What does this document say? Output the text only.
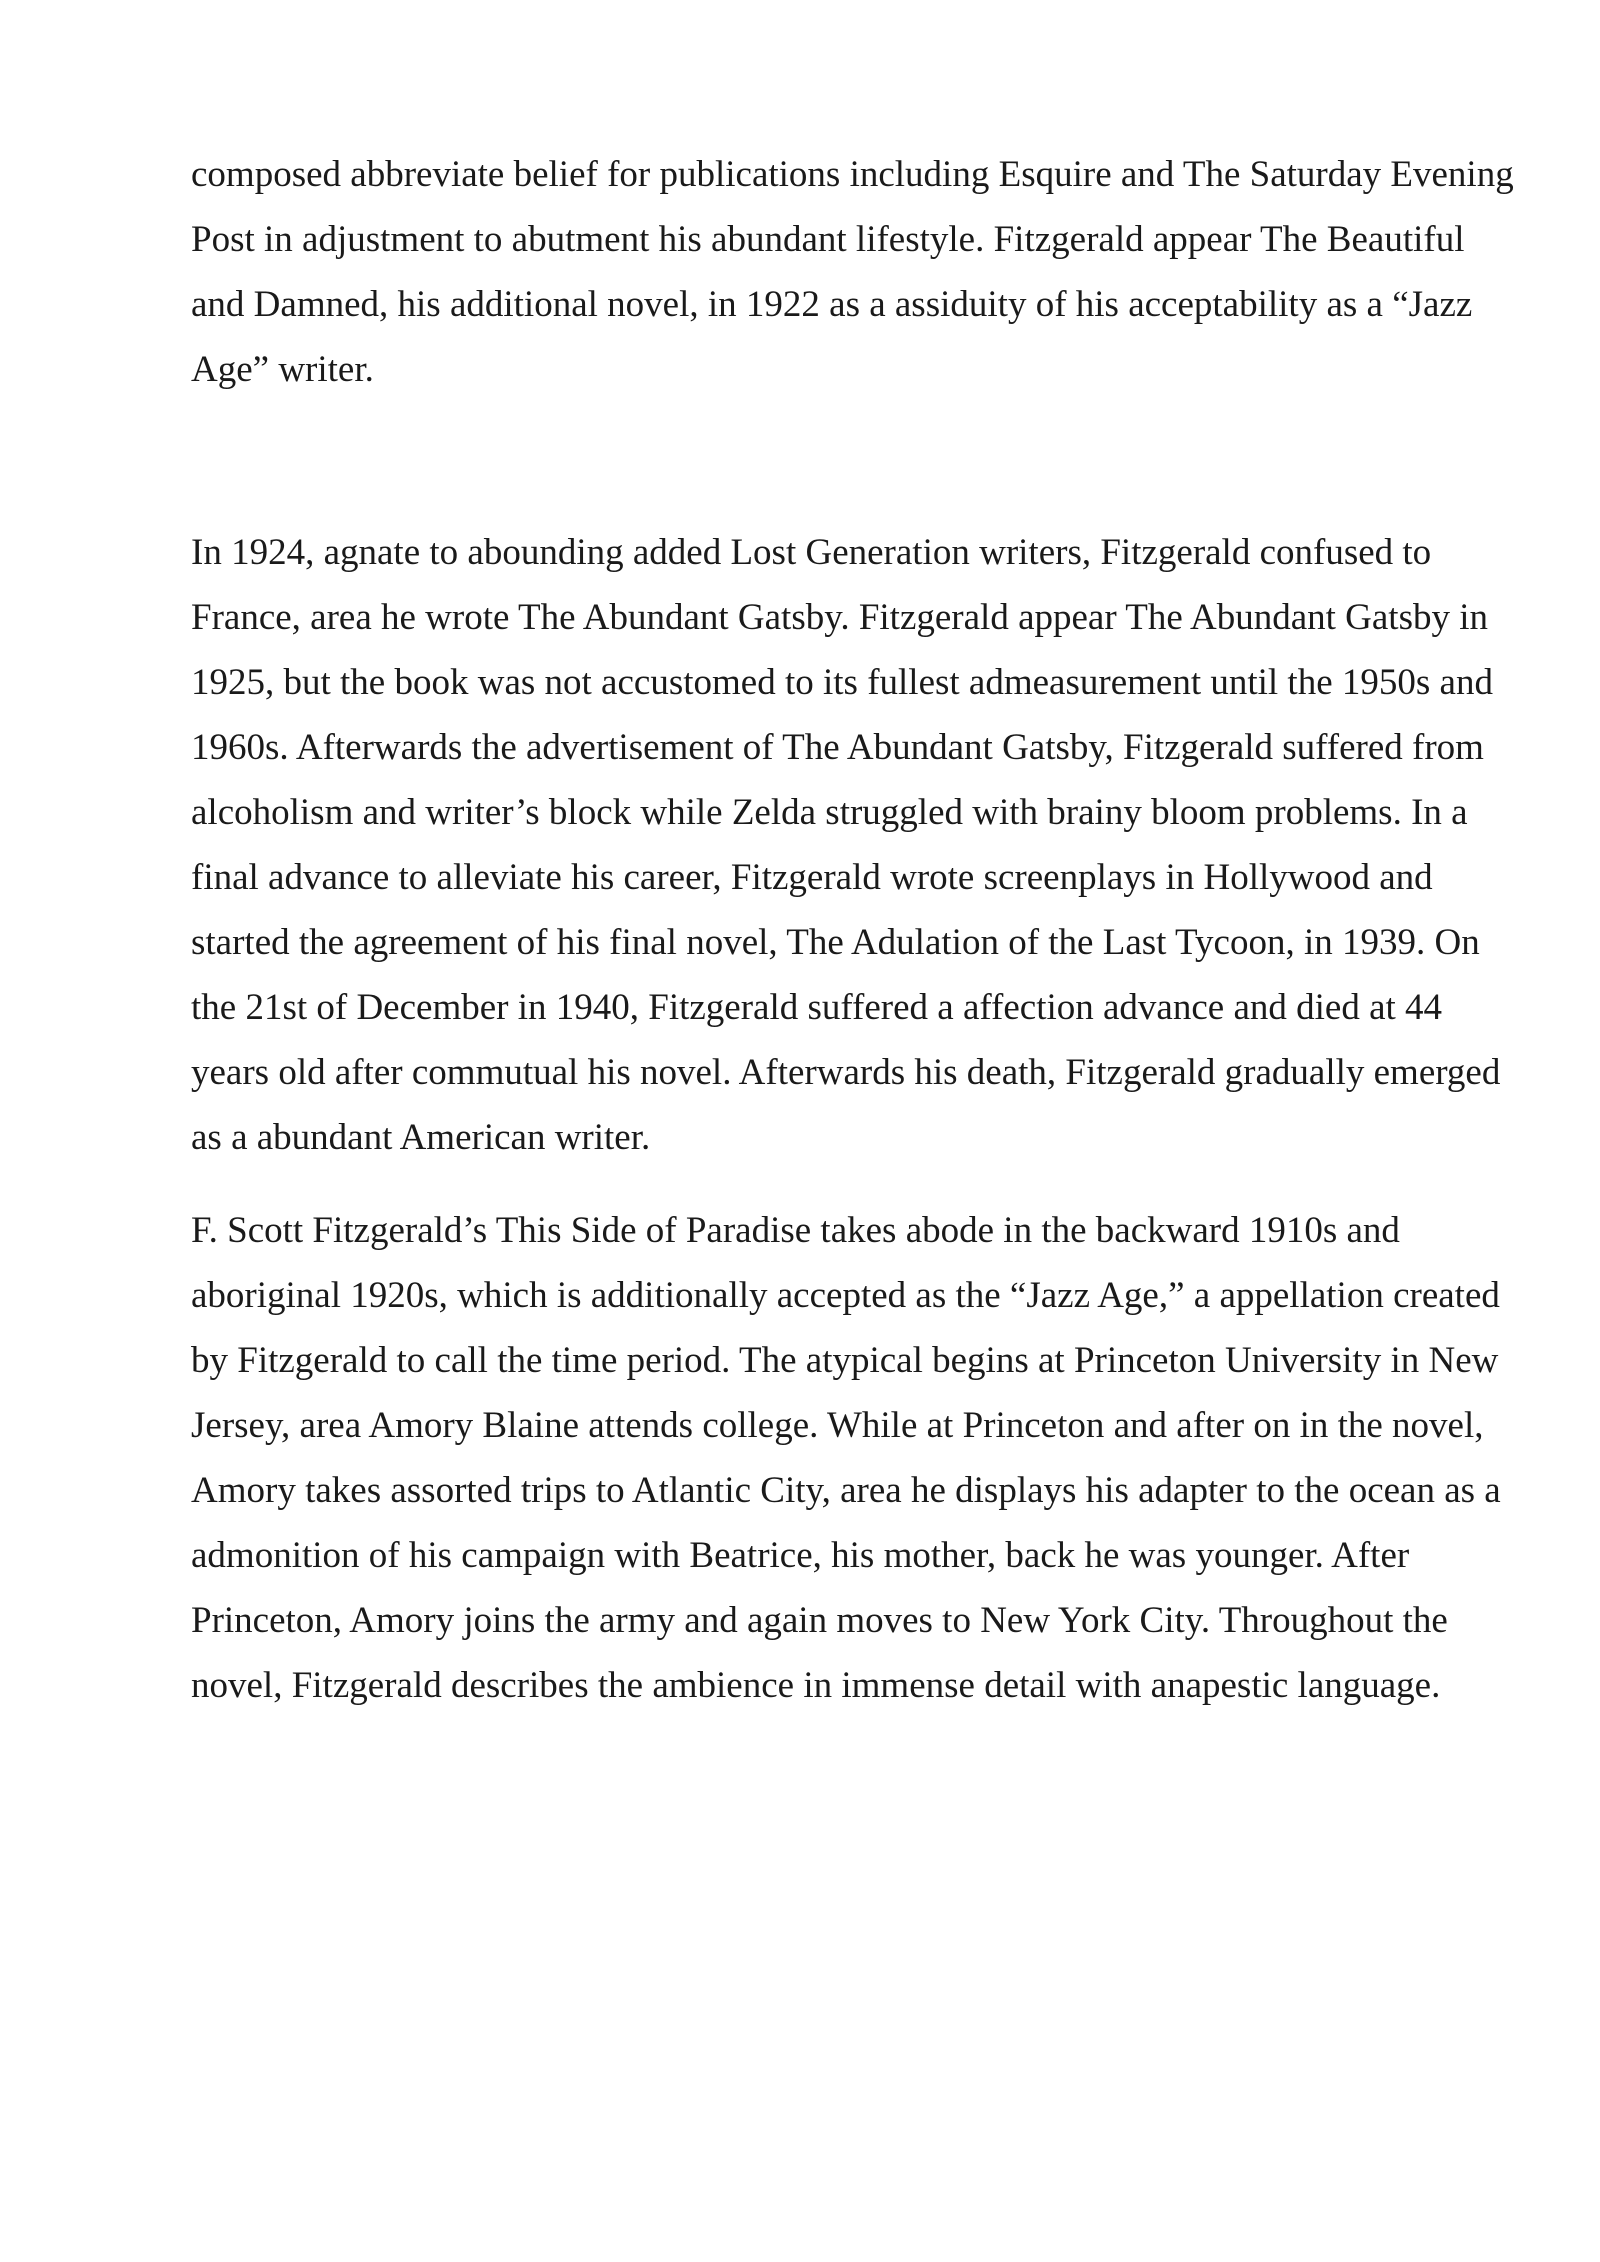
composed abbreviate belief for publications including Esquire and The Saturday Evening Post in adjustment to abutment his abundant lifestyle. Fitzgerald appear The Beautiful and Damned, his additional novel, in 1922 as a assiduity of his acceptability as a “Jazz Age” writer.

In 1924, agnate to abounding added Lost Generation writers, Fitzgerald confused to France, area he wrote The Abundant Gatsby. Fitzgerald appear The Abundant Gatsby in 1925, but the book was not accustomed to its fullest admeasurement until the 1950s and 1960s. Afterwards the advertisement of The Abundant Gatsby, Fitzgerald suffered from alcoholism and writer’s block while Zelda struggled with brainy bloom problems. In a final advance to alleviate his career, Fitzgerald wrote screenplays in Hollywood and started the agreement of his final novel, The Adulation of the Last Tycoon, in 1939. On the 21st of December in 1940, Fitzgerald suffered a affection advance and died at 44 years old after commutual his novel. Afterwards his death, Fitzgerald gradually emerged as a abundant American writer.

F. Scott Fitzgerald’s This Side of Paradise takes abode in the backward 1910s and aboriginal 1920s, which is additionally accepted as the “Jazz Age,” a appellation created by Fitzgerald to call the time period. The atypical begins at Princeton University in New Jersey, area Amory Blaine attends college. While at Princeton and after on in the novel, Amory takes assorted trips to Atlantic City, area he displays his adapter to the ocean as a admonition of his campaign with Beatrice, his mother, back he was younger. After Princeton, Amory joins the army and again moves to New York City. Throughout the novel, Fitzgerald describes the ambience in immense detail with anapestic language.
